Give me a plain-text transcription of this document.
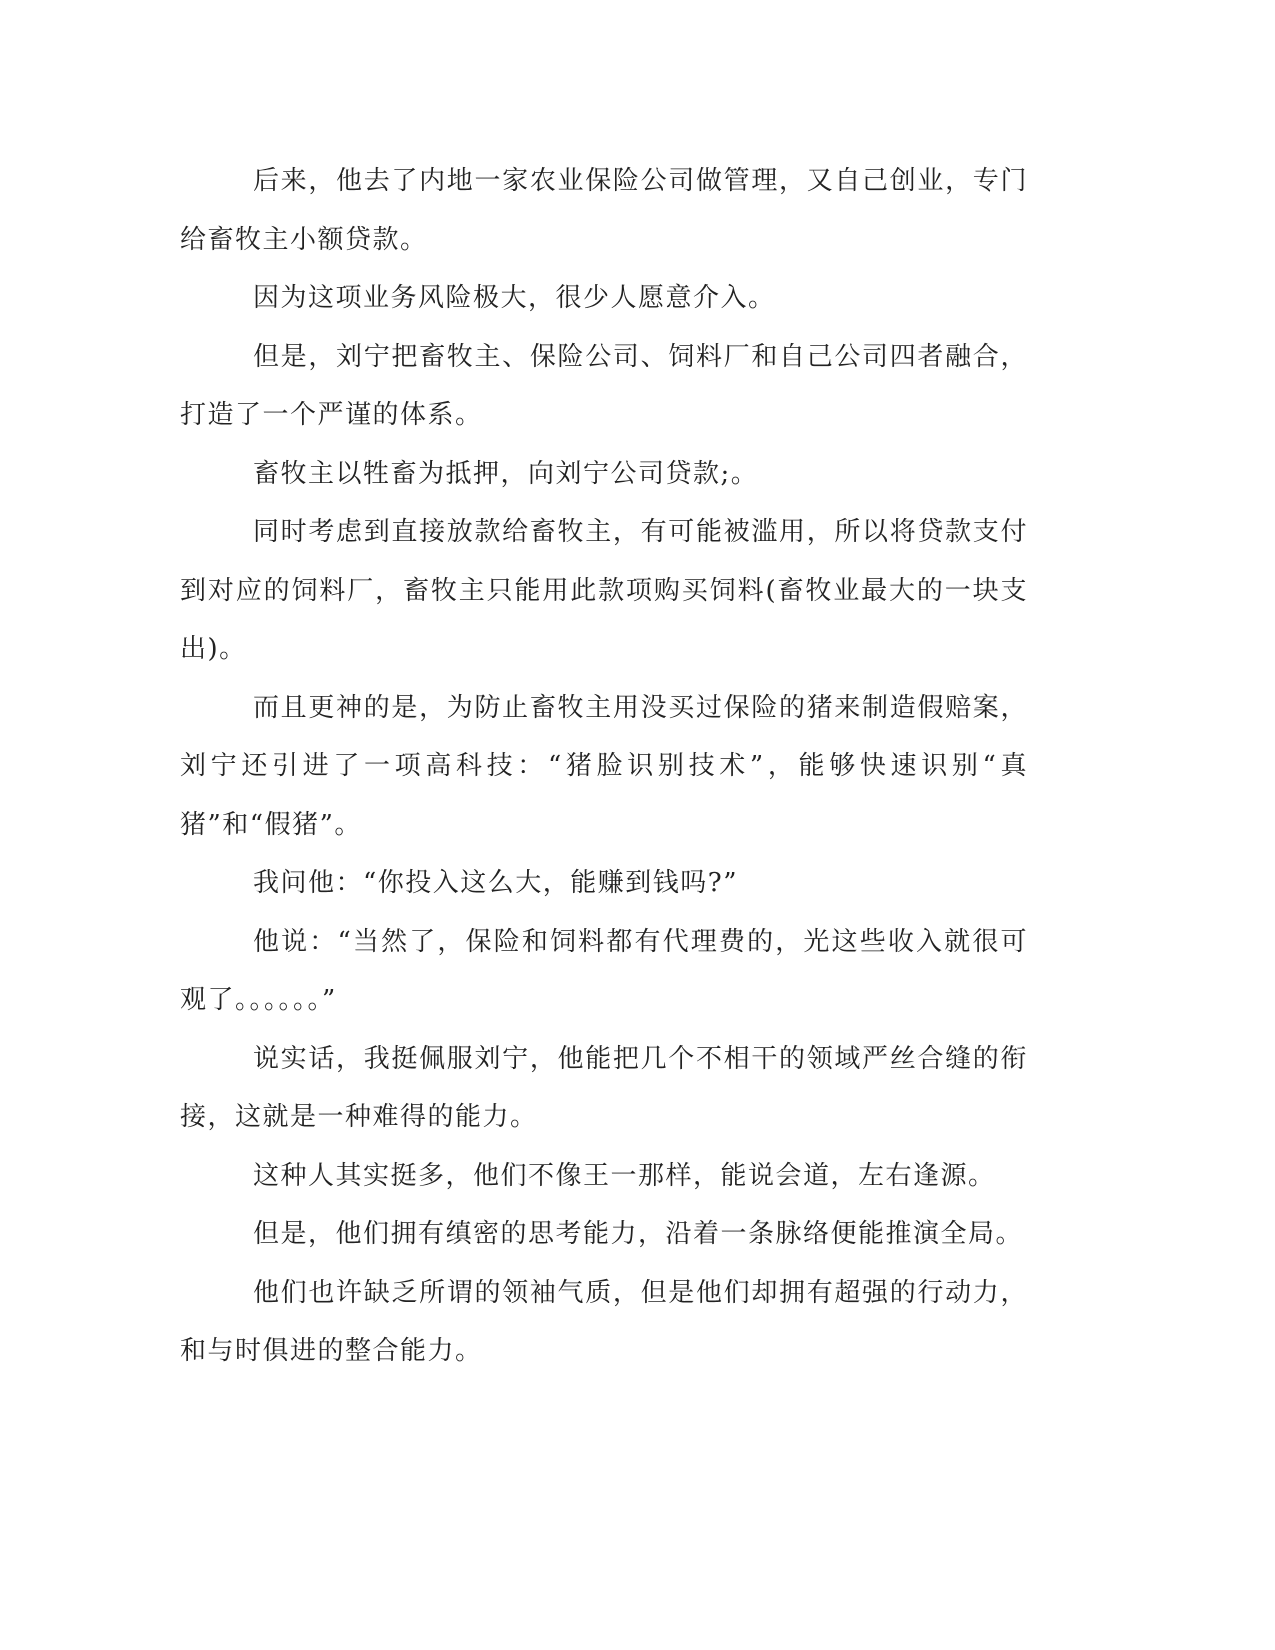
后来，他去了内地一家农业保险公司做管理，又自己创业，专门给畜牧主小额贷款。

因为这项业务风险极大，很少人愿意介入。

但是，刘宁把畜牧主、保险公司、饲料厂和自己公司四者融合，打造了一个严谨的体系。

畜牧主以牲畜为抵押，向刘宁公司贷款;。

同时考虑到直接放款给畜牧主，有可能被滥用，所以将贷款支付到对应的饲料厂，畜牧主只能用此款项购买饲料(畜牧业最大的一块支出)。

而且更神的是，为防止畜牧主用没买过保险的猪来制造假赔案，刘宁还引进了一项高科技：“猪脸识别技术”，能够快速识别“真猪”和“假猪”。

我问他：“你投入这么大，能赚到钱吗?”

他说：“当然了，保险和饲料都有代理费的，光这些收入就很可观了。。。。。。”

说实话，我挺佩服刘宁，他能把几个不相干的领域严丝合缝的衔接，这就是一种难得的能力。

这种人其实挺多，他们不像王一那样，能说会道，左右逢源。

但是，他们拥有缜密的思考能力，沿着一条脉络便能推演全局。

他们也许缺乏所谓的领袖气质，但是他们却拥有超强的行动力，和与时俱进的整合能力。
